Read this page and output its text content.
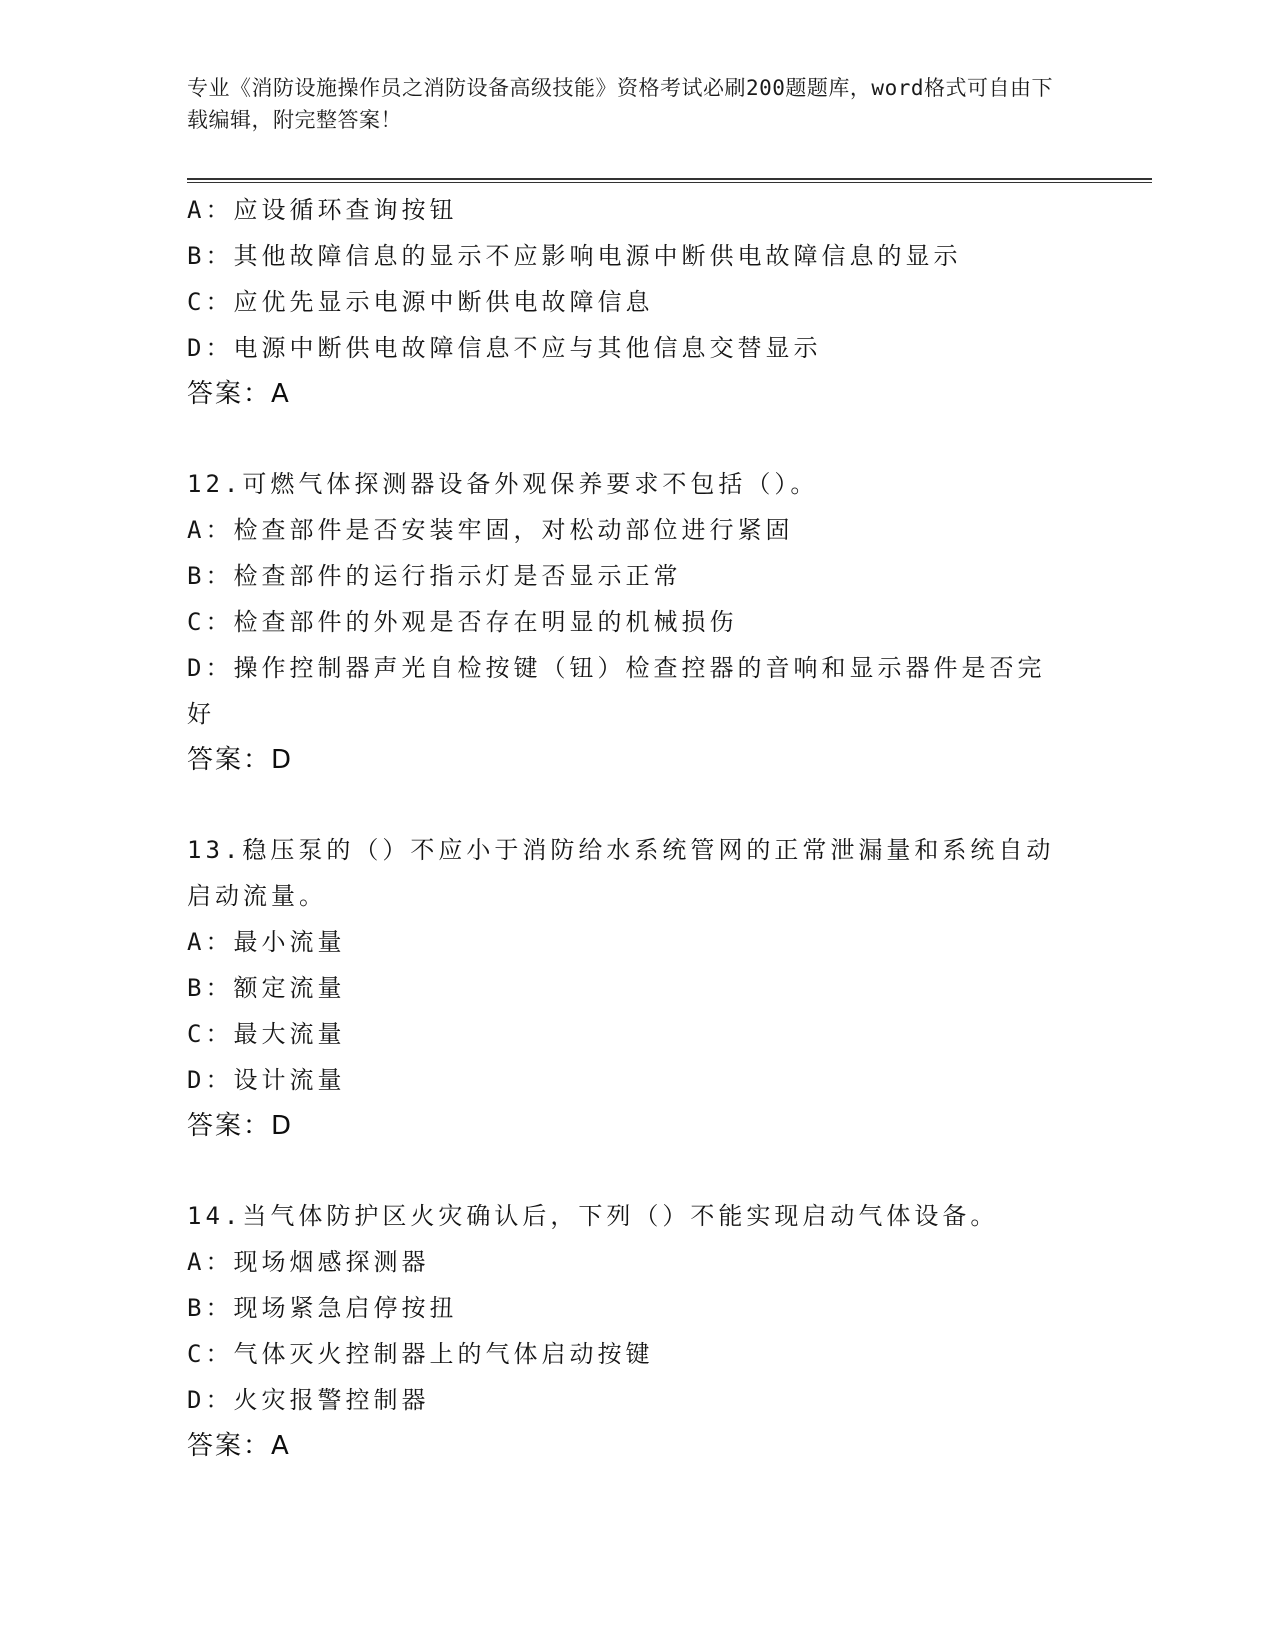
专业《消防设施操作员之消防设备高级技能》资格考试必刷200题题库，word格式可自由下载编辑，附完整答案！
A：应设循环查询按钮
B：其他故障信息的显示不应影响电源中断供电故障信息的显示
C：应优先显示电源中断供电故障信息
D：电源中断供电故障信息不应与其他信息交替显示
答案：A
12.可燃气体探测器设备外观保养要求不包括（）。
A：检查部件是否安装牢固，对松动部位进行紧固
B：检查部件的运行指示灯是否显示正常
C：检查部件的外观是否存在明显的机械损伤
D：操作控制器声光自检按键（钮）检查控器的音响和显示器件是否完
好
答案：D
13.稳压泵的（）不应小于消防给水系统管网的正常泄漏量和系统自动
启动流量。
A：最小流量
B：额定流量
C：最大流量
D：设计流量
答案：D
14.当气体防护区火灾确认后，下列（）不能实现启动气体设备。
A：现场烟感探测器
B：现场紧急启停按扭
C：气体灭火控制器上的气体启动按键
D：火灾报警控制器
答案：A
